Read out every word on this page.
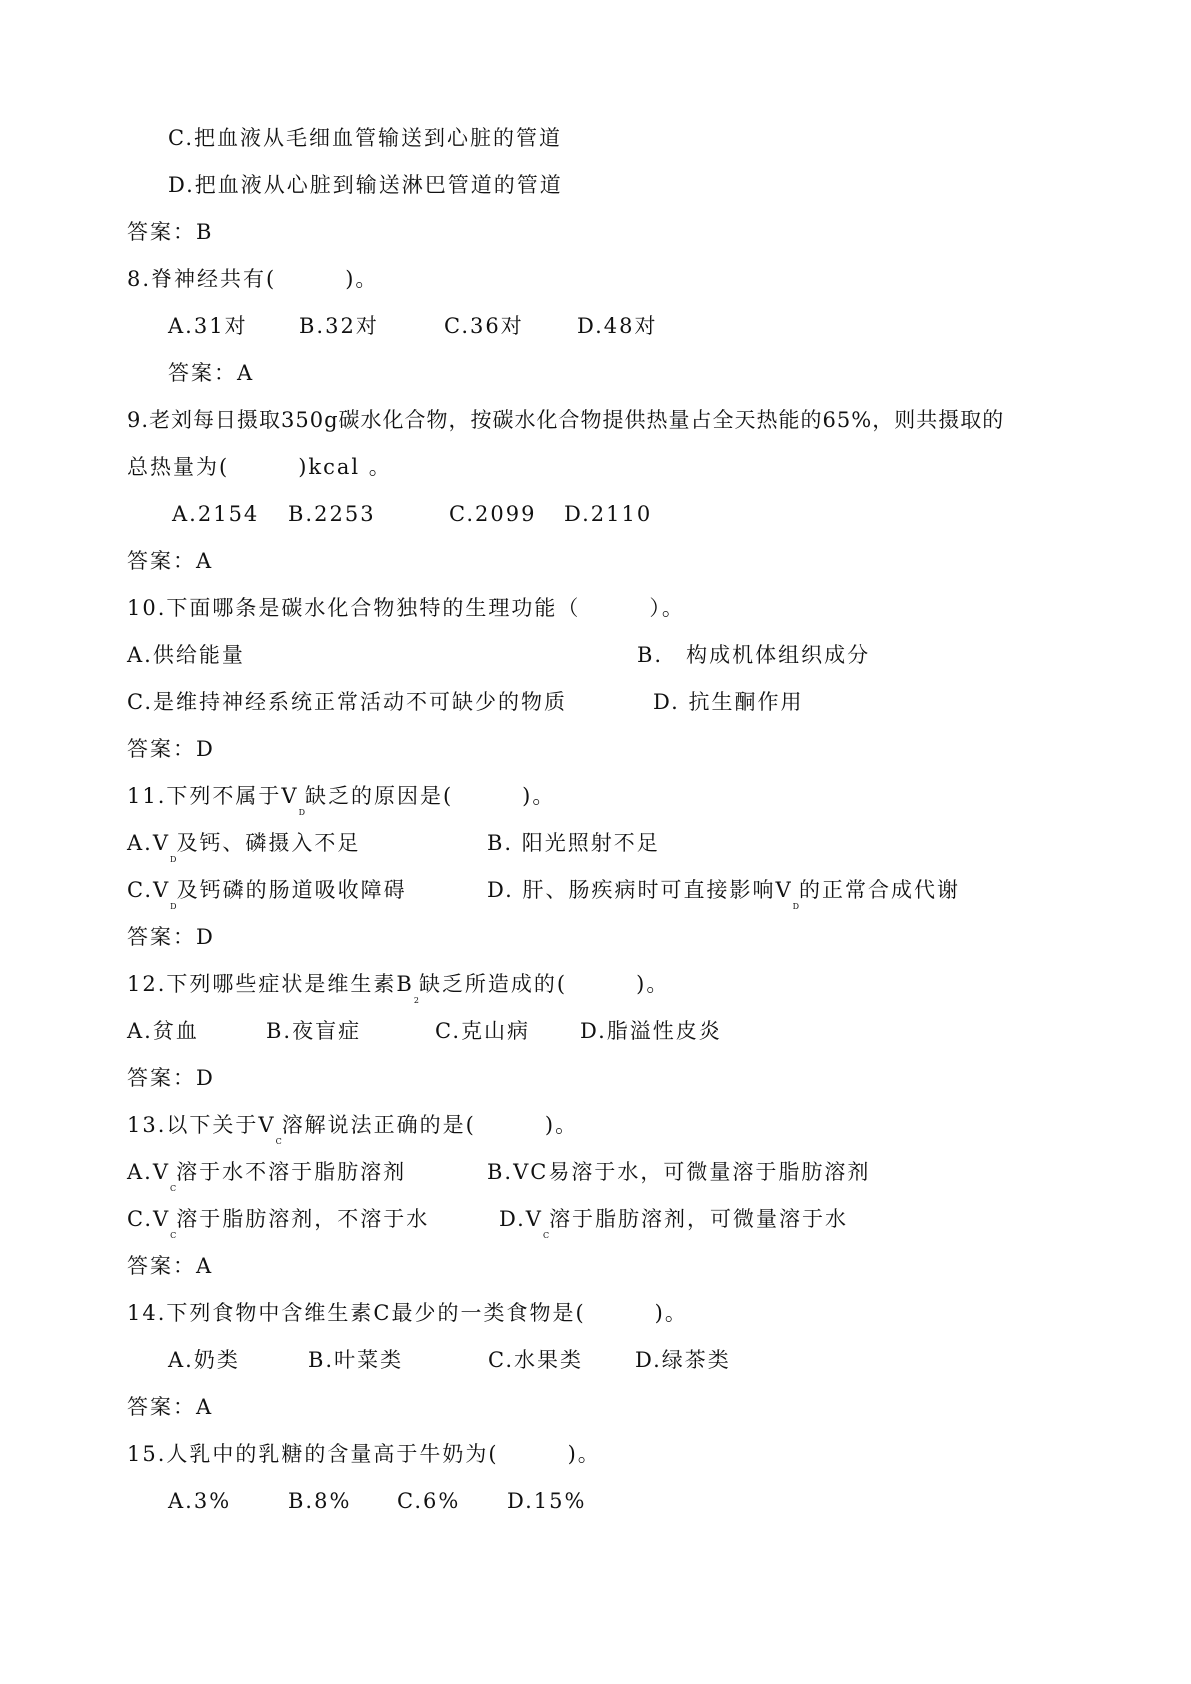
C.把血液从毛细血管输送到心脏的管道
D.把血液从心脏到输送淋巴管道的管道
答案：B
8.脊神经共有(　　　)。
A.31对 B.32对	C.36对	D.48对
答案：A
9.老刘每日摄取350g碳水化合物，按碳水化合物提供热量占全天热能的65%，则共摄取的
总热量为(　　　)kcal 。
A.2154 B.2253	C.2099 D.2110
答案：A
10.下面哪条是碳水化合物独特的生理功能（　　　）。
A.供给能量	B.　构成机体组织成分
C.是维持神经系统正常活动不可缺少的物质	D. 抗生酮作用
答案：D
11.下列不属于$V_D$缺乏的原因是(　　　)。
$A.V_D$及钙、磷摄入不足	B. 阳光照射不足
$C.V_D$及钙磷的肠道吸收障碍	D. 肝、肠疾病时可直接影响$V_D$的正常合成代谢
答案：D
12.下列哪些症状是维生素$B_2$缺乏所造成的(　　　)。
A.贫血	B.夜盲症	C.克山病 D.脂溢性皮炎
答案：D
13.以下关于$V_C$溶解说法正确的是(　　　)。
$A.V_C$溶于水不溶于脂肪溶剂	B.VC易溶于水，可微量溶于脂肪溶剂
$C.V_C$溶于脂肪溶剂，不溶于水	$D.V_C$溶于脂肪溶剂，可微量溶于水
答案：A
14.下列食物中含维生素C最少的一类食物是(　　　)。
A.奶类	B.叶菜类	C.水果类 D.绿茶类
答案：A
15.人乳中的乳糖的含量高于牛奶为(　　　)。
A.3%	B.8% C.6% D.15%
